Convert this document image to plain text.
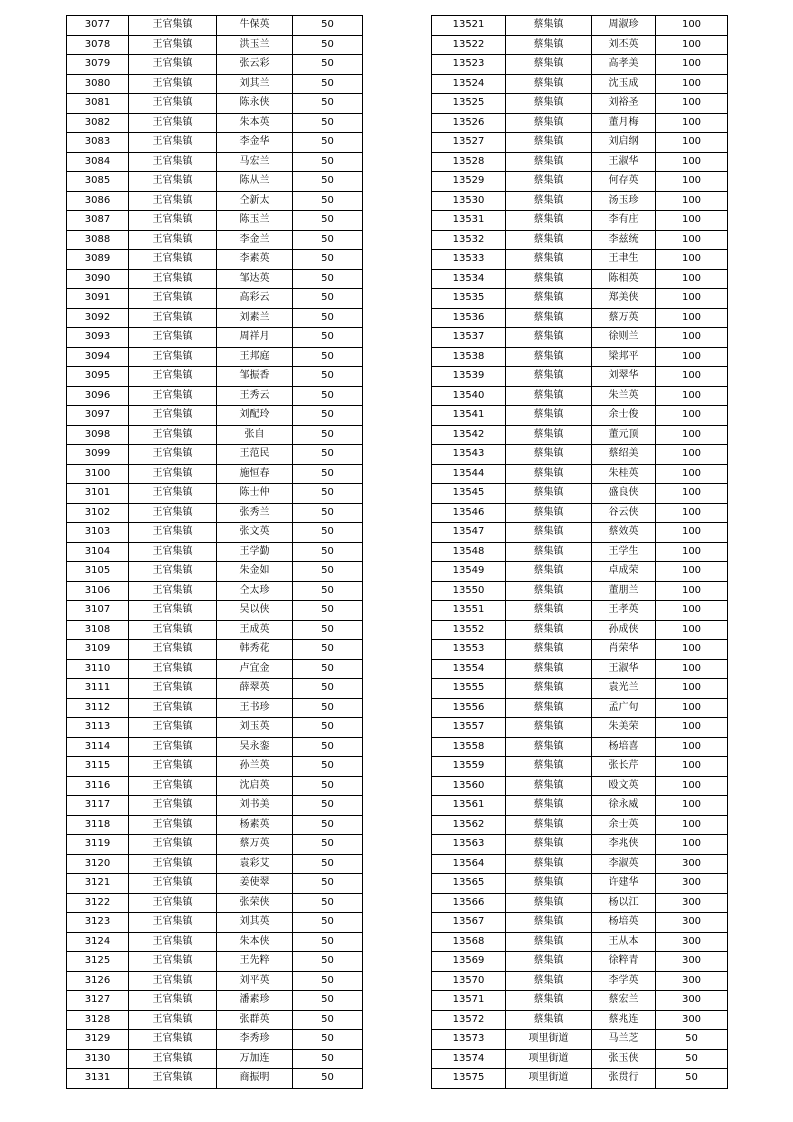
3077	王官集镇	牛保英	50
3078	王官集镇	洪玉兰	50
3079	王官集镇	张云彩	50
3080	王官集镇	刘其兰	50
3081	王官集镇	陈永侠	50
3082	王官集镇	朱本英	50
3083	王官集镇	李金华	50
3084	王官集镇	马宏兰	50
3085	王官集镇	陈从兰	50
3086	王官集镇	仝新太	50
3087	王官集镇	陈玉兰	50
3088	王官集镇	李金兰	50
3089	王官集镇	李素英	50
3090	王官集镇	邹达英	50
3091	王官集镇	高彩云	50
3092	王官集镇	刘素兰	50
3093	王官集镇	周祥月	50
3094	王官集镇	王邦庭	50
3095	王官集镇	邹振香	50
3096	王官集镇	王秀云	50
3097	王官集镇	刘配玲	50
3098	王官集镇	张自	50
3099	王官集镇	王范民	50
3100	王官集镇	施恒春	50
3101	王官集镇	陈士仲	50
3102	王官集镇	张秀兰	50
3103	王官集镇	张文英	50
3104	王官集镇	王学勤	50
3105	王官集镇	朱金如	50
3106	王官集镇	仝太珍	50
3107	王官集镇	吴以侠	50
3108	王官集镇	王成英	50
3109	王官集镇	韩秀花	50
3110	王官集镇	卢宜金	50
3111	王官集镇	薛翠英	50
3112	王官集镇	王书珍	50
3113	王官集镇	刘玉英	50
3114	王官集镇	吴永銮	50
3115	王官集镇	孙兰英	50
3116	王官集镇	沈启英	50
3117	王官集镇	刘书美	50
3118	王官集镇	杨素英	50
3119	王官集镇	蔡万英	50
3120	王官集镇	袁彩艾	50
3121	王官集镇	姜使翠	50
3122	王官集镇	张荣侠	50
3123	王官集镇	刘其英	50
3124	王官集镇	朱本侠	50
3125	王官集镇	王先粹	50
3126	王官集镇	刘平英	50
3127	王官集镇	潘素珍	50
3128	王官集镇	张群英	50
3129	王官集镇	李秀珍	50
3130	王官集镇	万加连	50
3131	王官集镇	商振明	50
13521	蔡集镇	周淑珍	100
13522	蔡集镇	刘丕英	100
13523	蔡集镇	高孝美	100
13524	蔡集镇	沈玉成	100
13525	蔡集镇	刘裕圣	100
13526	蔡集镇	董月梅	100
13527	蔡集镇	刘启纲	100
13528	蔡集镇	王淑华	100
13529	蔡集镇	何存英	100
13530	蔡集镇	汤玉珍	100
13531	蔡集镇	李有庄	100
13532	蔡集镇	李兹统	100
13533	蔡集镇	王聿生	100
13534	蔡集镇	陈相英	100
13535	蔡集镇	郑美侠	100
13536	蔡集镇	蔡万英	100
13537	蔡集镇	徐则兰	100
13538	蔡集镇	梁邦平	100
13539	蔡集镇	刘翠华	100
13540	蔡集镇	朱兰英	100
13541	蔡集镇	余士俊	100
13542	蔡集镇	董元顶	100
13543	蔡集镇	蔡绍美	100
13544	蔡集镇	朱桂英	100
13545	蔡集镇	盛良侠	100
13546	蔡集镇	谷云侠	100
13547	蔡集镇	蔡效英	100
13548	蔡集镇	王学生	100
13549	蔡集镇	卓成荣	100
13550	蔡集镇	董朋兰	100
13551	蔡集镇	王孝英	100
13552	蔡集镇	孙成侠	100
13553	蔡集镇	肖荣华	100
13554	蔡集镇	王淑华	100
13555	蔡集镇	袁光兰	100
13556	蔡集镇	孟广句	100
13557	蔡集镇	朱美荣	100
13558	蔡集镇	杨培喜	100
13559	蔡集镇	张长芹	100
13560	蔡集镇	殴文英	100
13561	蔡集镇	徐永威	100
13562	蔡集镇	余士英	100
13563	蔡集镇	李兆侠	100
13564	蔡集镇	李淑英	300
13565	蔡集镇	许建华	300
13566	蔡集镇	杨以江	300
13567	蔡集镇	杨培英	300
13568	蔡集镇	王从本	300
13569	蔡集镇	徐粹青	300
13570	蔡集镇	李学英	300
13571	蔡集镇	蔡宏兰	300
13572	蔡集镇	蔡兆连	300
13573	项里街道	马兰芝	50
13574	项里街道	张玉侠	50
13575	项里街道	张贯行	50
